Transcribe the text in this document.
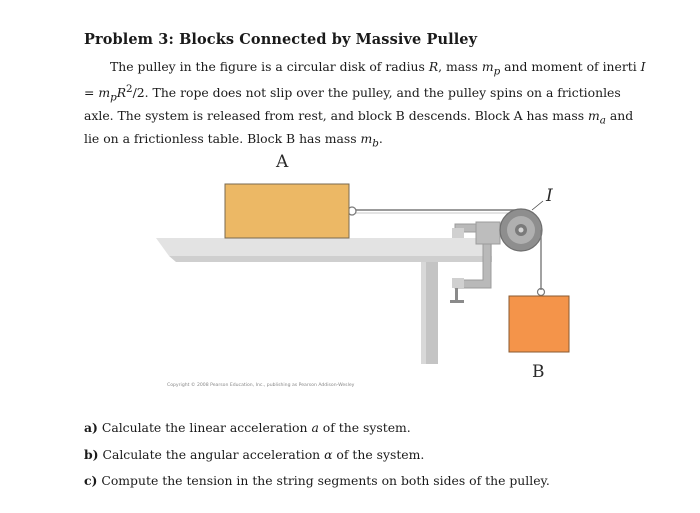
Problem 3: Blocks Connected by Massive Pulley

The pulley in the figure is a circular disk of radius R, mass $m_p$ and moment of inerti $I = m_pR^2/2$. The rope does not slip over the pulley, and the pulley spins on a frictionles axle. The system is released from rest, and block B descends. Block A has mass $m_a$ and lie on a frictionless table. Block B has mass $m_b$.

A
I
B
Copyright © 2008 Pearson Education, Inc., publishing as Pearson Addison-Wesley
a) Calculate the linear acceleration a of the system.
b) Calculate the angular acceleration α of the system.
c) Compute the tension in the string segments on both sides of the pulley.
